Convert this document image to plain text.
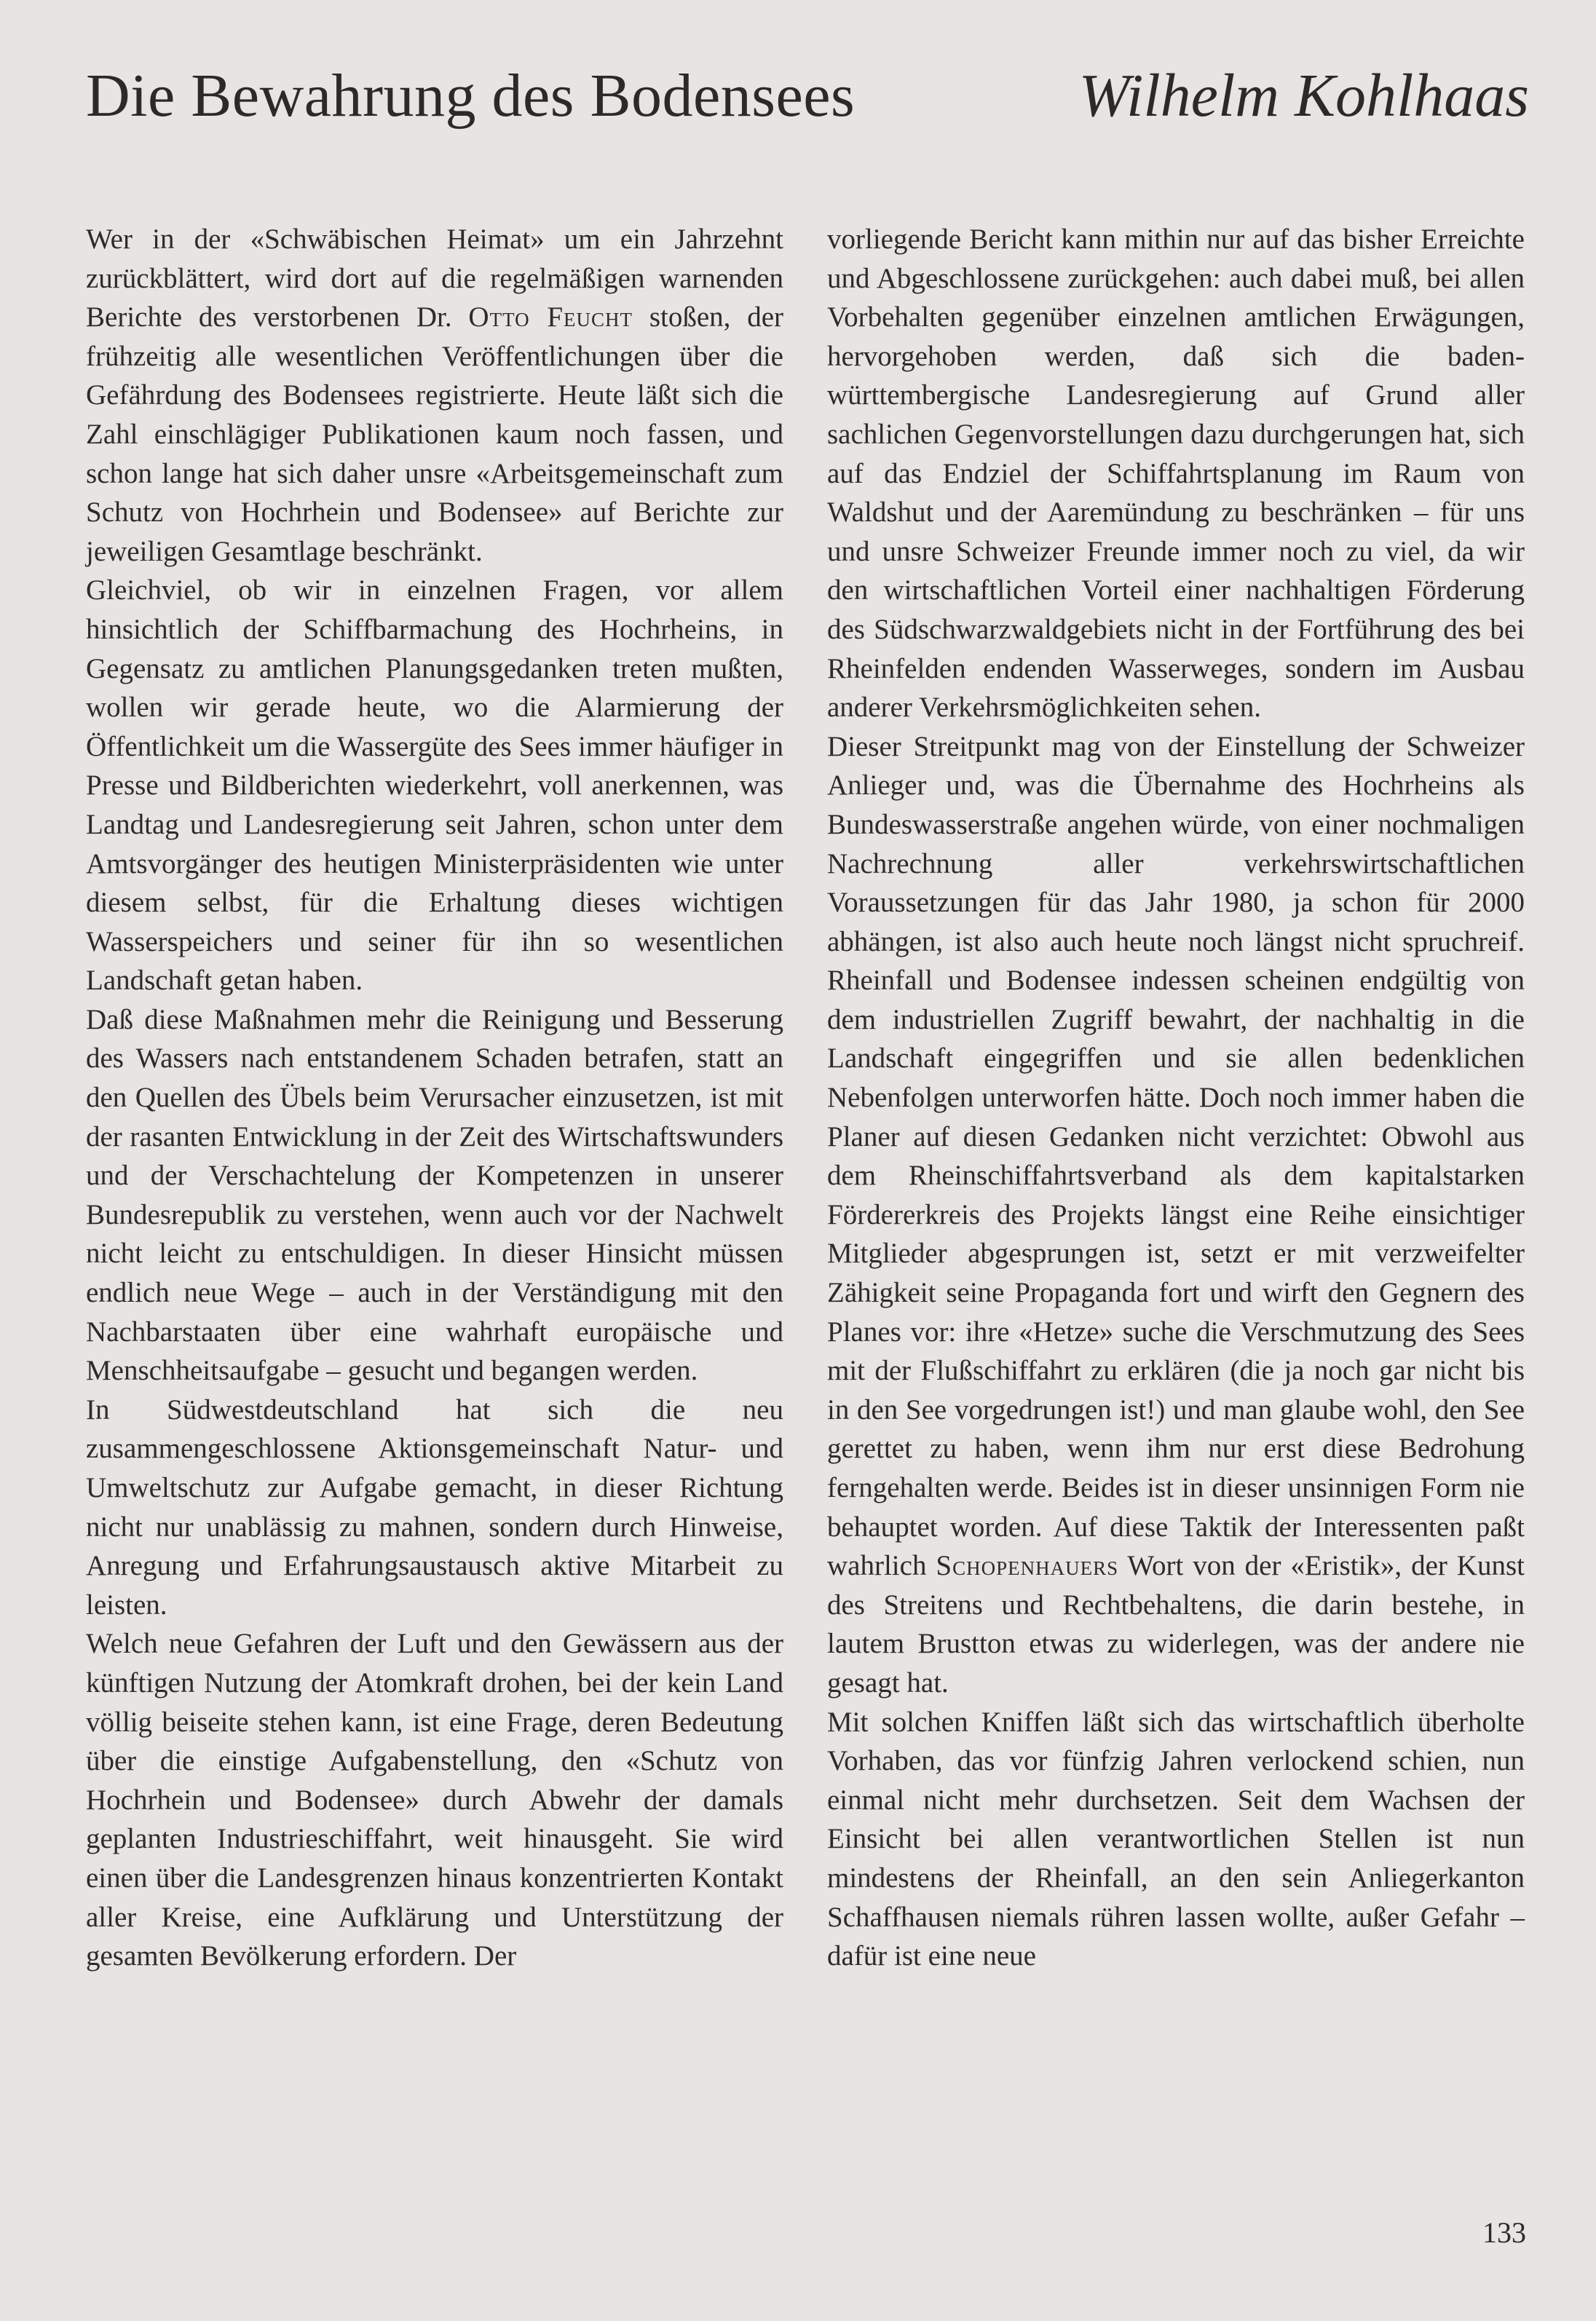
Die Bewahrung des Bodensees	Wilhelm Kohlhaas

Wer in der «Schwäbischen Heimat» um ein Jahrzehnt zurückblättert, wird dort auf die regelmäßigen warnenden Berichte des verstorbenen Dr. Otto Feucht stoßen, der frühzeitig alle wesentlichen Veröffentlichungen über die Gefährdung des Bodensees registrierte. Heute läßt sich die Zahl einschlägiger Publikationen kaum noch fassen, und schon lange hat sich daher unsre «Arbeitsgemeinschaft zum Schutz von Hochrhein und Bodensee» auf Berichte zur jeweiligen Gesamtlage beschränkt.

Gleichviel, ob wir in einzelnen Fragen, vor allem hinsichtlich der Schiffbarmachung des Hochrheins, in Gegensatz zu amtlichen Planungsgedanken treten mußten, wollen wir gerade heute, wo die Alarmierung der Öffentlichkeit um die Wassergüte des Sees immer häufiger in Presse und Bildberichten wiederkehrt, voll anerkennen, was Landtag und Landesregierung seit Jahren, schon unter dem Amtsvorgänger des heutigen Ministerpräsidenten wie unter diesem selbst, für die Erhaltung dieses wichtigen Wasserspeichers und seiner für ihn so wesentlichen Landschaft getan haben.

Daß diese Maßnahmen mehr die Reinigung und Besserung des Wassers nach entstandenem Schaden betrafen, statt an den Quellen des Übels beim Verursacher einzusetzen, ist mit der rasanten Entwicklung in der Zeit des Wirtschaftswunders und der Verschachtelung der Kompetenzen in unserer Bundesrepublik zu verstehen, wenn auch vor der Nachwelt nicht leicht zu entschuldigen. In dieser Hinsicht müssen endlich neue Wege – auch in der Verständigung mit den Nachbarstaaten über eine wahrhaft europäische und Menschheitsaufgabe – gesucht und begangen werden.

In Südwestdeutschland hat sich die neu zusammengeschlossene Aktionsgemeinschaft Natur- und Umweltschutz zur Aufgabe gemacht, in dieser Richtung nicht nur unablässig zu mahnen, sondern durch Hinweise, Anregung und Erfahrungsaustausch aktive Mitarbeit zu leisten.

Welch neue Gefahren der Luft und den Gewässern aus der künftigen Nutzung der Atomkraft drohen, bei der kein Land völlig beiseite stehen kann, ist eine Frage, deren Bedeutung über die einstige Aufgabenstellung, den «Schutz von Hochrhein und Bodensee» durch Abwehr der damals geplanten Industrieschiffahrt, weit hinausgeht. Sie wird einen über die Landesgrenzen hinaus konzentrierten Kontakt aller Kreise, eine Aufklärung und Unterstützung der gesamten Bevölkerung erfordern. Der

vorliegende Bericht kann mithin nur auf das bisher Erreichte und Abgeschlossene zurückgehen: auch dabei muß, bei allen Vorbehalten gegenüber einzelnen amtlichen Erwägungen, hervorgehoben werden, daß sich die baden-württembergische Landesregierung auf Grund aller sachlichen Gegenvorstellungen dazu durchgerungen hat, sich auf das Endziel der Schiffahrtsplanung im Raum von Waldshut und der Aaremündung zu beschränken – für uns und unsre Schweizer Freunde immer noch zu viel, da wir den wirtschaftlichen Vorteil einer nachhaltigen Förderung des Südschwarzwaldgebiets nicht in der Fortführung des bei Rheinfelden endenden Wasserweges, sondern im Ausbau anderer Verkehrsmöglichkeiten sehen.

Dieser Streitpunkt mag von der Einstellung der Schweizer Anlieger und, was die Übernahme des Hochrheins als Bundeswasserstraße angehen würde, von einer nochmaligen Nachrechnung aller verkehrswirtschaftlichen Voraussetzungen für das Jahr 1980, ja schon für 2000 abhängen, ist also auch heute noch längst nicht spruchreif. Rheinfall und Bodensee indessen scheinen endgültig von dem industriellen Zugriff bewahrt, der nachhaltig in die Landschaft eingegriffen und sie allen bedenklichen Nebenfolgen unterworfen hätte. Doch noch immer haben die Planer auf diesen Gedanken nicht verzichtet: Obwohl aus dem Rheinschiffahrtsverband als dem kapitalstarken Fördererkreis des Projekts längst eine Reihe einsichtiger Mitglieder abgesprungen ist, setzt er mit verzweifelter Zähigkeit seine Propaganda fort und wirft den Gegnern des Planes vor: ihre «Hetze» suche die Verschmutzung des Sees mit der Flußschiffahrt zu erklären (die ja noch gar nicht bis in den See vorgedrungen ist!) und man glaube wohl, den See gerettet zu haben, wenn ihm nur erst diese Bedrohung ferngehalten werde. Beides ist in dieser unsinnigen Form nie behauptet worden. Auf diese Taktik der Interessenten paßt wahrlich Schopenhauers Wort von der «Eristik», der Kunst des Streitens und Rechtbehaltens, die darin bestehe, in lautem Brustton etwas zu widerlegen, was der andere nie gesagt hat.

Mit solchen Kniffen läßt sich das wirtschaftlich überholte Vorhaben, das vor fünfzig Jahren verlockend schien, nun einmal nicht mehr durchsetzen. Seit dem Wachsen der Einsicht bei allen verantwortlichen Stellen ist nun mindestens der Rheinfall, an den sein Anliegerkanton Schaffhausen niemals rühren lassen wollte, außer Gefahr – dafür ist eine neue

133
